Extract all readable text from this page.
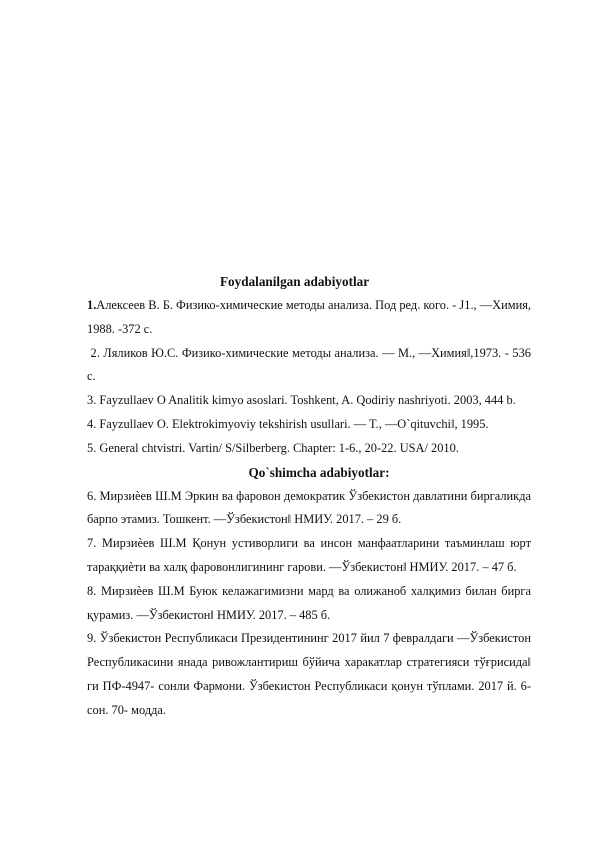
Foydalanilgan adabiyotlar

1.Алексеев В. Б. Физико-химические методы анализа. Под ред. кого. - J1., ―Химия, 1988. -372 с.

2. Ляликов Ю.С. Физико-химические методы анализа. ― М., ―Химия‖,1973. - 536 с.

3. Fayzullaev O Analitik kimyo asoslari. Toshkent, A. Qodiriy nashriyoti. 2003, 444 b.

4. Fayzullaev O. Elektrokimyoviy tekshirish usullari. ― T., ―O`qituvchi‖, 1995.

5. General chtvistri. Vartin/ S/Silberberg. Chapter: 1-6., 20-22. USA/ 2010.

Qo`shimcha adabiyotlar:

6. Мирзиѐев Ш.М Эркин ва фаровон демократик Ўзбекистон давлатини биргаликда барпо этамиз. Тошкент. ―Ўзбекистон‖ НМИУ. 2017. – 29 б.

7. Мирзиѐев Ш.М Қонун устиворлиги ва инсон манфаатларини таъминлаш юрт тараққиѐти ва халқ фаровонлигининг гарови. ―Ўзбекистон‖ НМИУ. 2017. – 47 б.

8. Мирзиѐев Ш.М Буюк келажагимизни мард ва олижаноб халқимиз билан бирга қурамиз. ―Ўзбекистон‖ НМИУ. 2017. – 485 б.

9. Ўзбекистон Республикаси Президентининг 2017 йил 7 февралдаги ―Ўзбекистон Республикасини янада ривожлантириш бўйича харакатлар стратегияси тўғрисида‖ ги ПФ-4947- сонли Фармони. Ўзбекистон Республикаси қонун тўплами. 2017 й. 6-сон. 70- модда.
